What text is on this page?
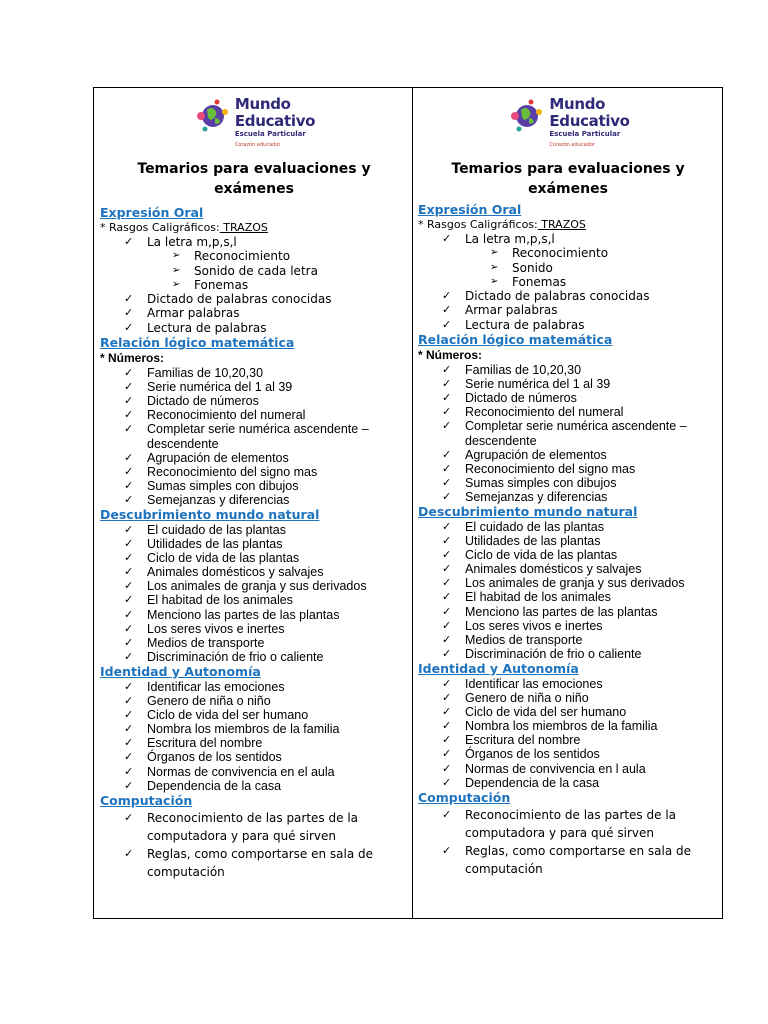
Mundo
Educativo
Escuela Particular
Corazón educador
Temarios para evaluaciones y exámenes
Expresión Oral
* Rasgos Caligráficos: TRAZOS
✓ La letra m,p,s,l
➢ Reconocimiento
➢ Sonido de cada letra
➢ Fonemas
✓ Dictado de palabras conocidas
✓ Armar palabras
✓ Lectura de palabras
Relación lógico matemática
* Números:
✓ Familias de 10,20,30
✓ Serie numérica del 1 al 39
✓ Dictado de números
✓ Reconocimiento del numeral
✓ Completar serie numérica ascendente –
descendente
✓ Agrupación de elementos
✓ Reconocimiento del signo mas
✓ Sumas simples con dibujos
✓ Semejanzas y diferencias
Descubrimiento mundo natural
✓ El cuidado de las plantas
✓ Utilidades de las plantas
✓ Ciclo de vida de las plantas
✓ Animales domésticos y salvajes
✓ Los animales de granja y sus derivados
✓ El habitad de los animales
✓ Menciono las partes de las plantas
✓ Los seres vivos e inertes
✓ Medios de transporte
✓ Discriminación de frio o caliente
Identidad y Autonomía
✓ Identificar las emociones
✓ Genero de niña o niño
✓ Ciclo de vida del ser humano
✓ Nombra los miembros de la familia
✓ Escritura del nombre
✓ Órganos de los sentidos
✓ Normas de convivencia en el aula
✓ Dependencia de la casa
Computación
✓ Reconocimiento de las partes de la computadora y para qué sirven
✓ Reglas, como comportarse en sala de computación
Mundo
Educativo
Escuela Particular
Corazón educador
Temarios para evaluaciones y exámenes
Expresión Oral
* Rasgos Caligráficos: TRAZOS
✓ La letra m,p,s,l
➢ Reconocimiento
➢ Sonido
➢ Fonemas
✓ Dictado de palabras conocidas
✓ Armar palabras
✓ Lectura de palabras
Relación lógico matemática
* Números:
✓ Familias de 10,20,30
✓ Serie numérica del 1 al 39
✓ Dictado de números
✓ Reconocimiento del numeral
✓ Completar serie numérica ascendente –
descendente
✓ Agrupación de elementos
✓ Reconocimiento del signo mas
✓ Sumas simples con dibujos
✓ Semejanzas y diferencias
Descubrimiento mundo natural
✓ El cuidado de las plantas
✓ Utilidades de las plantas
✓ Ciclo de vida de las plantas
✓ Animales domésticos y salvajes
✓ Los animales de granja y sus derivados
✓ El habitad de los animales
✓ Menciono las partes de las plantas
✓ Los seres vivos e inertes
✓ Medios de transporte
✓ Discriminación de frio o caliente
Identidad y Autonomía
✓ Identificar las emociones
✓ Genero de niña o niño
✓ Ciclo de vida del ser humano
✓ Nombra los miembros de la familia
✓ Escritura del nombre
✓ Órganos de los sentidos
✓ Normas de convivencia en l aula
✓ Dependencia de la casa
Computación
✓ Reconocimiento de las partes de la computadora y para qué sirven
✓ Reglas, como comportarse en sala de computación
